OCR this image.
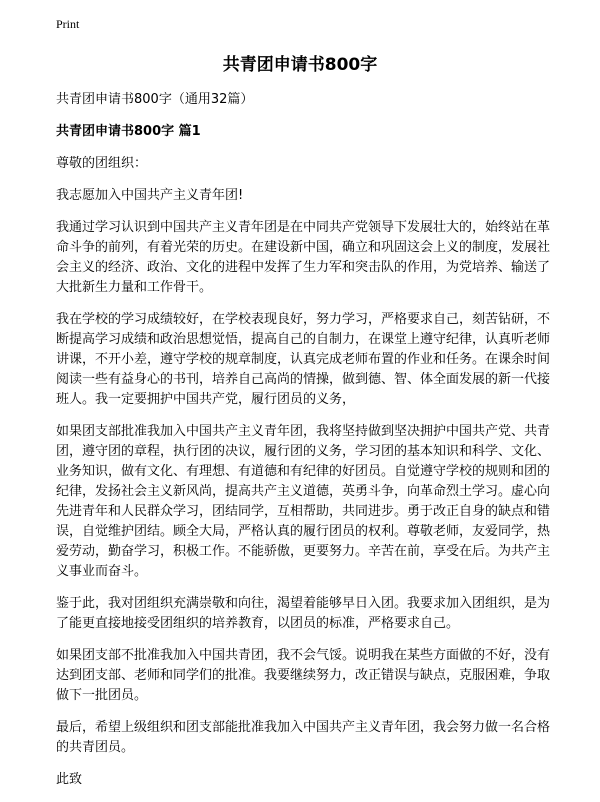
Print
共青团申请书800字

共青团申请书800字（通用32篇）

共青团申请书800字 篇1

尊敬的团组织：

我志愿加入中国共产主义青年团!

我通过学习认识到中国共产主义青年团是在中同共产党领导下发展壮大的，始终站在革命斗争的前列，有着光荣的历史。在建设新中国，确立和巩固这会上义的制度，发展社会主义的经济、政治、文化的进程中发挥了生力军和突击队的作用，为党培养、输送了大批新生力量和工作骨干。

我在学校的学习成绩较好，在学校表现良好，努力学习，严格要求自己，刻苦钻研，不断提高学习成绩和政治思想觉悟，提高自己的自制力，在课堂上遵守纪律，认真听老师讲课，不开小差，遵守学校的规章制度，认真完成老师布置的作业和任务。在课余时间阅读一些有益身心的书刊，培养自己高尚的情操，做到德、智、体全面发展的新一代接班人。我一定要拥护中国共产党，履行团员的义务，

如果团支部批准我加入中国共产主义青年团，我将坚持做到坚决拥护中国共产党、共青团，遵守团的章程，执行团的决议，履行团的义务，学习团的基本知识和科学、文化、业务知识，做有文化、有理想、有道德和有纪律的好团员。自觉遵守学校的规则和团的纪律，发扬社会主义新风尚，提高共产主义道德，英勇斗争，向革命烈土学习。虚心向先进青年和人民群众学习，团结同学，互相帮助，共同进步。勇于改正自身的缺点和错误，自觉维护团结。顾全大局，严格认真的履行团员的权利。尊敬老师，友爱同学，热爱劳动，勤奋学习，积极工作。不能骄傲，更要努力。辛苦在前，享受在后。为共产主义事业而奋斗。

鉴于此，我对团组织充满崇敬和向往，渴望着能够早日入团。我要求加入团组织，是为了能更直接地接受团组织的培养教育，以团员的标准，严格要求自己。

如果团支部不批准我加入中国共青团，我不会气馁。说明我在某些方面做的不好，没有达到团支部、老师和同学们的批准。我要继续努力，改正错误与缺点，克服困难，争取做下一批团员。

最后，希望上级组织和团支部能批准我加入中国共产主义青年团，我会努力做一名合格的共青团员。

此致
